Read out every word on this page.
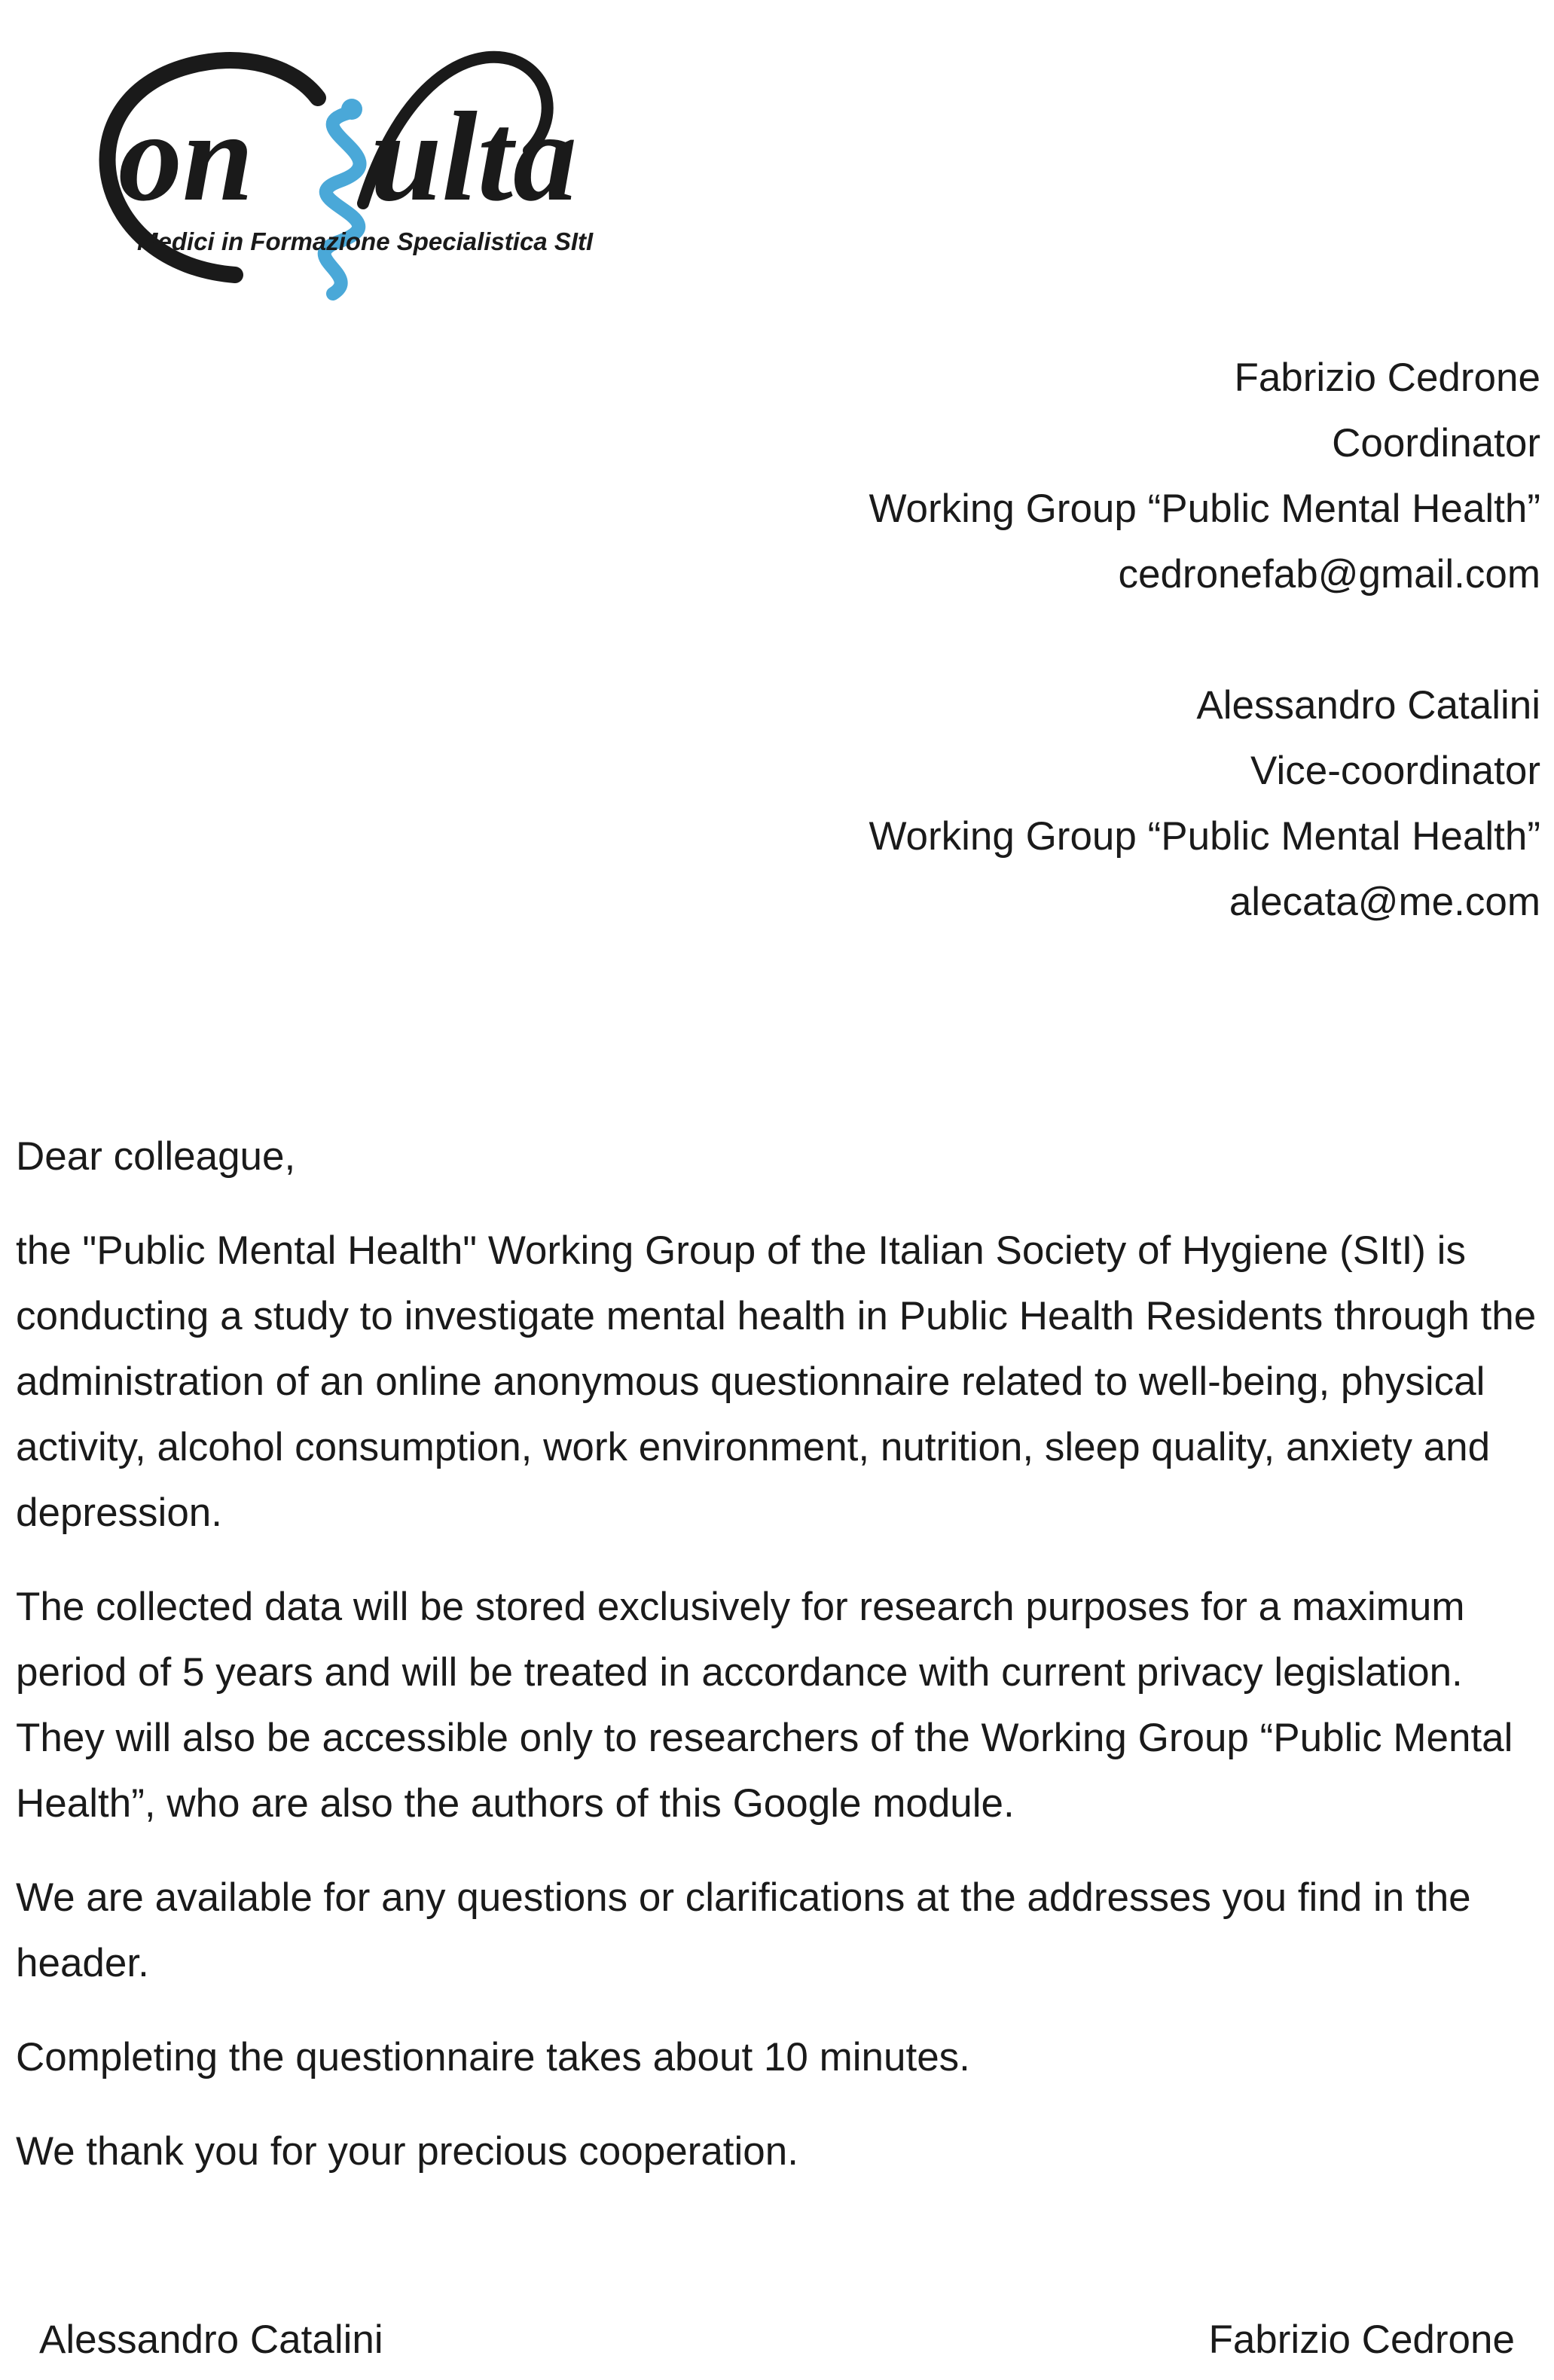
on ulta
Medici in Formazione Specialistica SItI
Fabrizio Cedrone
Coordinator
Working Group “Public Mental Health”
cedronefab@gmail.com
Alessandro Catalini
Vice-coordinator
Working Group “Public Mental Health”
alecata@me.com

Dear colleague,

the "Public Mental Health" Working Group of the Italian Society of Hygiene (SItI) is conducting a study to investigate mental health in Public Health Residents through the administration of an online anonymous questionnaire related to well-being, physical activity, alcohol consumption, work environment, nutrition, sleep quality, anxiety and depression.

The collected data will be stored exclusively for research purposes for a maximum period of 5 years and will be treated in accordance with current privacy legislation. They will also be accessible only to researchers of the Working Group “Public Mental Health”, who are also the authors of this Google module.

We are available for any questions or clarifications at the addresses you find in the header.

Completing the questionnaire takes about 10 minutes.

We thank you for your precious cooperation.

Alessandro Catalini	Fabrizio Cedrone
